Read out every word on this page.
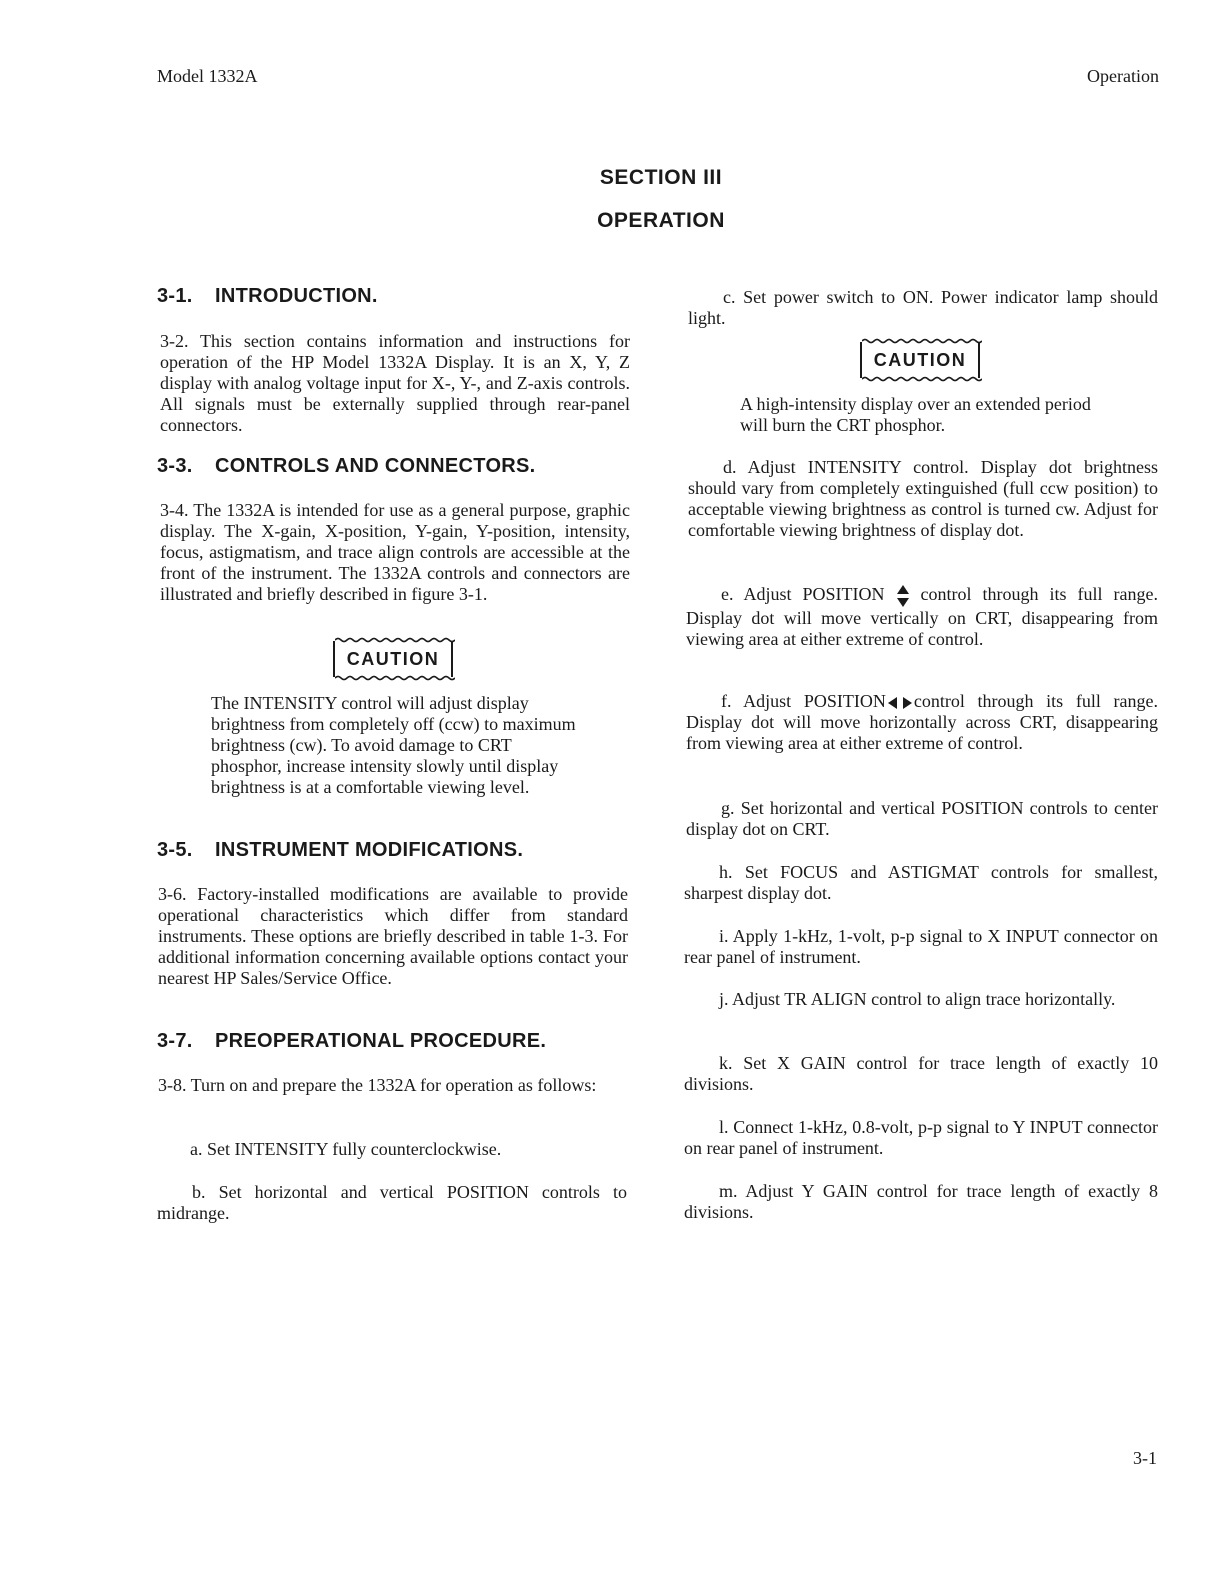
Model 1332A	Operation
SECTION III
OPERATION
3-1. INTRODUCTION.

3-2. This section contains information and instructions for operation of the HP Model 1332A Display. It is an X, Y, Z display with analog voltage input for X-, Y-, and Z-axis controls. All signals must be externally supplied through rear-panel connectors.

3-3. CONTROLS AND CONNECTORS.

3-4. The 1332A is intended for use as a general purpose, graphic display. The X-gain, X-position, Y-gain, Y-position, intensity, focus, astigmatism, and trace align controls are accessible at the front of the instrument. The 1332A controls and connectors are illustrated and briefly described in figure 3-1.

CAUTION

The INTENSITY control will adjust display brightness from completely off (ccw) to maximum brightness (cw). To avoid damage to CRT phosphor, increase intensity slowly until display brightness is at a comfortable viewing level.

3-5. INSTRUMENT MODIFICATIONS.

3-6. Factory-installed modifications are available to provide operational characteristics which differ from standard instruments. These options are briefly described in table 1-3. For additional information concerning available options contact your nearest HP Sales/Service Office.

3-7. PREOPERATIONAL PROCEDURE.

3-8. Turn on and prepare the 1332A for operation as follows:

a. Set INTENSITY fully counterclockwise.

b. Set horizontal and vertical POSITION controls to midrange.

c. Set power switch to ON. Power indicator lamp should light.

CAUTION

A high-intensity display over an extended period will burn the CRT phosphor.

d. Adjust INTENSITY control. Display dot brightness should vary from completely extinguished (full ccw position) to acceptable viewing brightness as control is turned cw. Adjust for comfortable viewing brightness of display dot.

e. Adjust POSITION control through its full range. Display dot will move vertically on CRT, disappearing from viewing area at either extreme of control.

f. Adjust POSITION control through its full range. Display dot will move horizontally across CRT, disappearing from viewing area at either extreme of control.

g. Set horizontal and vertical POSITION controls to center display dot on CRT.

h. Set FOCUS and ASTIGMAT controls for smallest, sharpest display dot.

i. Apply 1-kHz, 1-volt, p-p signal to X INPUT connector on rear panel of instrument.

j. Adjust TR ALIGN control to align trace horizontally.

k. Set X GAIN control for trace length of exactly 10 divisions.

l. Connect 1-kHz, 0.8-volt, p-p signal to Y INPUT connector on rear panel of instrument.

m. Adjust Y GAIN control for trace length of exactly 8 divisions.

3-1
